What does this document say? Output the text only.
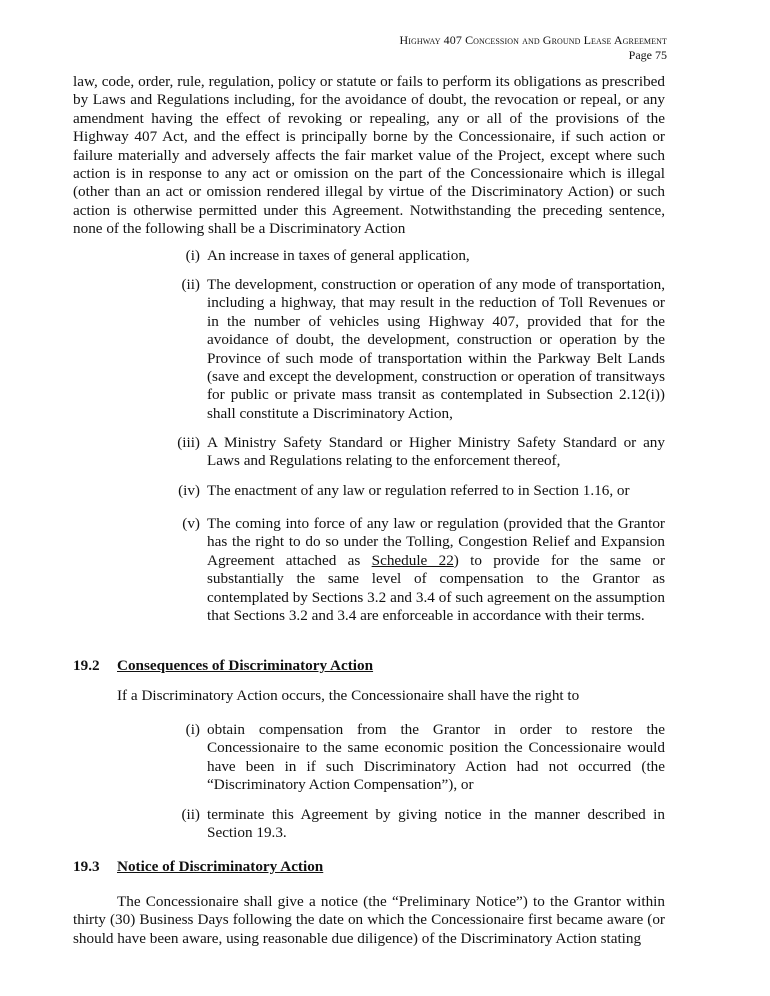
Highway 407 Concession and Ground Lease Agreement
Page 75
law, code, order, rule, regulation, policy or statute or fails to perform its obligations as prescribed by Laws and Regulations including, for the avoidance of doubt, the revocation or repeal, or any amendment having the effect of revoking or repealing, any or all of the provisions of the Highway 407 Act, and the effect is principally borne by the Concessionaire, if such action or failure materially and adversely affects the fair market value of the Project, except where such action is in response to any act or omission on the part of the Concessionaire which is illegal (other than an act or omission rendered illegal by virtue of the Discriminatory Action) or such action is otherwise permitted under this Agreement. Notwithstanding the preceding sentence, none of the following shall be a Discriminatory Action
(i) An increase in taxes of general application,
(ii) The development, construction or operation of any mode of transportation, including a highway, that may result in the reduction of Toll Revenues or in the number of vehicles using Highway 407, provided that for the avoidance of doubt, the development, construction or operation by the Province of such mode of transportation within the Parkway Belt Lands (save and except the development, construction or operation of transitways for public or private mass transit as contemplated in Subsection 2.12(i)) shall constitute a Discriminatory Action,
(iii) A Ministry Safety Standard or Higher Ministry Safety Standard or any Laws and Regulations relating to the enforcement thereof,
(iv) The enactment of any law or regulation referred to in Section 1.16, or
(v) The coming into force of any law or regulation (provided that the Grantor has the right to do so under the Tolling, Congestion Relief and Expansion Agreement attached as Schedule 22) to provide for the same or substantially the same level of compensation to the Grantor as contemplated by Sections 3.2 and 3.4 of such agreement on the assumption that Sections 3.2 and 3.4 are enforceable in accordance with their terms.
19.2 Consequences of Discriminatory Action
If a Discriminatory Action occurs, the Concessionaire shall have the right to
(i) obtain compensation from the Grantor in order to restore the Concessionaire to the same economic position the Concessionaire would have been in if such Discriminatory Action had not occurred (the “Discriminatory Action Compensation”), or
(ii) terminate this Agreement by giving notice in the manner described in Section 19.3.
19.3 Notice of Discriminatory Action
The Concessionaire shall give a notice (the “Preliminary Notice”) to the Grantor within thirty (30) Business Days following the date on which the Concessionaire first became aware (or should have been aware, using reasonable due diligence) of the Discriminatory Action stating
